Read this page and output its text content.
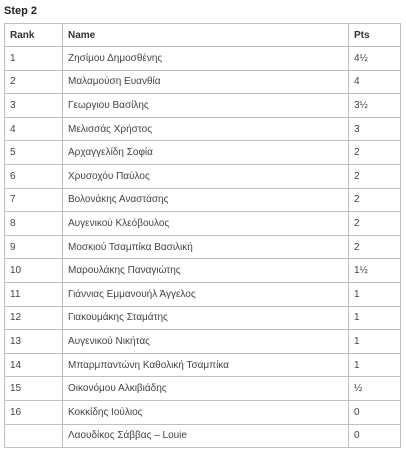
Step 2
Rank	Name	Pts
1	Ζησίμου Δημοσθένης	4½
2	Μαλαμούση Ευανθία	4
3	Γεωργιου Βασίλης	3½
4	Μελισσάς Χρήστος	3
5	Αρχαγγελίδη Σοφία	2
6	Χρυσοχόυ Παύλος	2
7	Βολονάκης Αναστάσης	2
8	Αυγενικού Κλεόβουλος	2
9	Μοσκιού Τσαμπίκα Βασιλική	2
10	Μαρουλάκης Παναγιώτης	1½
11	Γιάννιας Εμμανουήλ Άγγελος	1
12	Γιακουμάκης Σταμάτης	1
13	Αυγενικού Νικήτας	1
14	Μπαρμπαντώνη Καθολική Τσαμπίκα	1
15	Οικονόμου Αλκιβιάδης	½
16	Κοκκίδης Ιούλιος	0
	Λαουδίκος Σάββας – Louie	0
